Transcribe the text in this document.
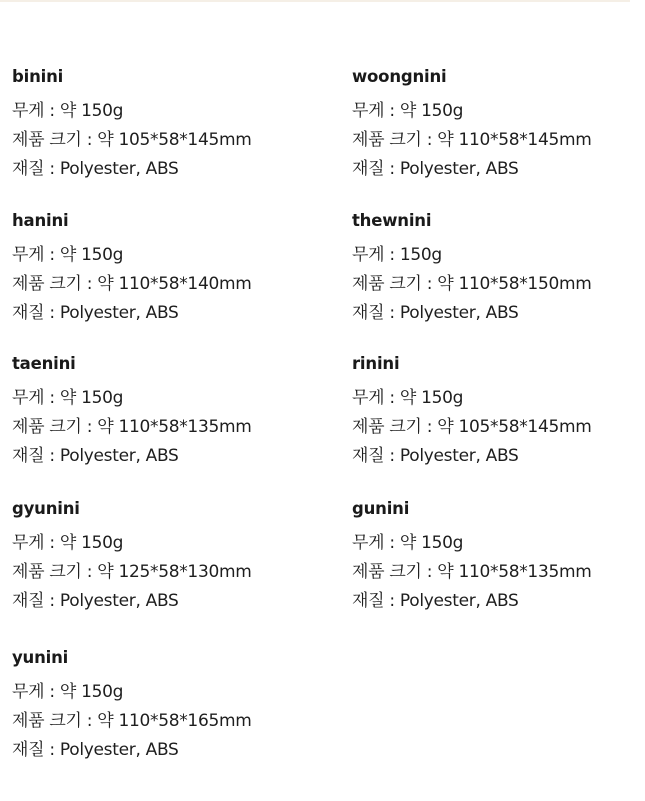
binini
무게 : 약 150g
제품 크기 : 약 105*58*145mm
재질 : Polyester, ABS
hanini
무게 : 약 150g
제품 크기 : 약 110*58*140mm
재질 : Polyester, ABS
taenini
무게 : 약 150g
제품 크기 : 약 110*58*135mm
재질 : Polyester, ABS
gyunini
무게 : 약 150g
제품 크기 : 약 125*58*130mm
재질 : Polyester, ABS
yunini
무게 : 약 150g
제품 크기 : 약 110*58*165mm
재질 : Polyester, ABS
woongnini
무게 : 약 150g
제품 크기 : 약 110*58*145mm
재질 : Polyester, ABS
thewnini
무게 : 150g
제품 크기 : 약 110*58*150mm
재질 : Polyester, ABS
rinini
무게 : 약 150g
제품 크기 : 약 105*58*145mm
재질 : Polyester, ABS
gunini
무게 : 약 150g
제품 크기 : 약 110*58*135mm
재질 : Polyester, ABS
